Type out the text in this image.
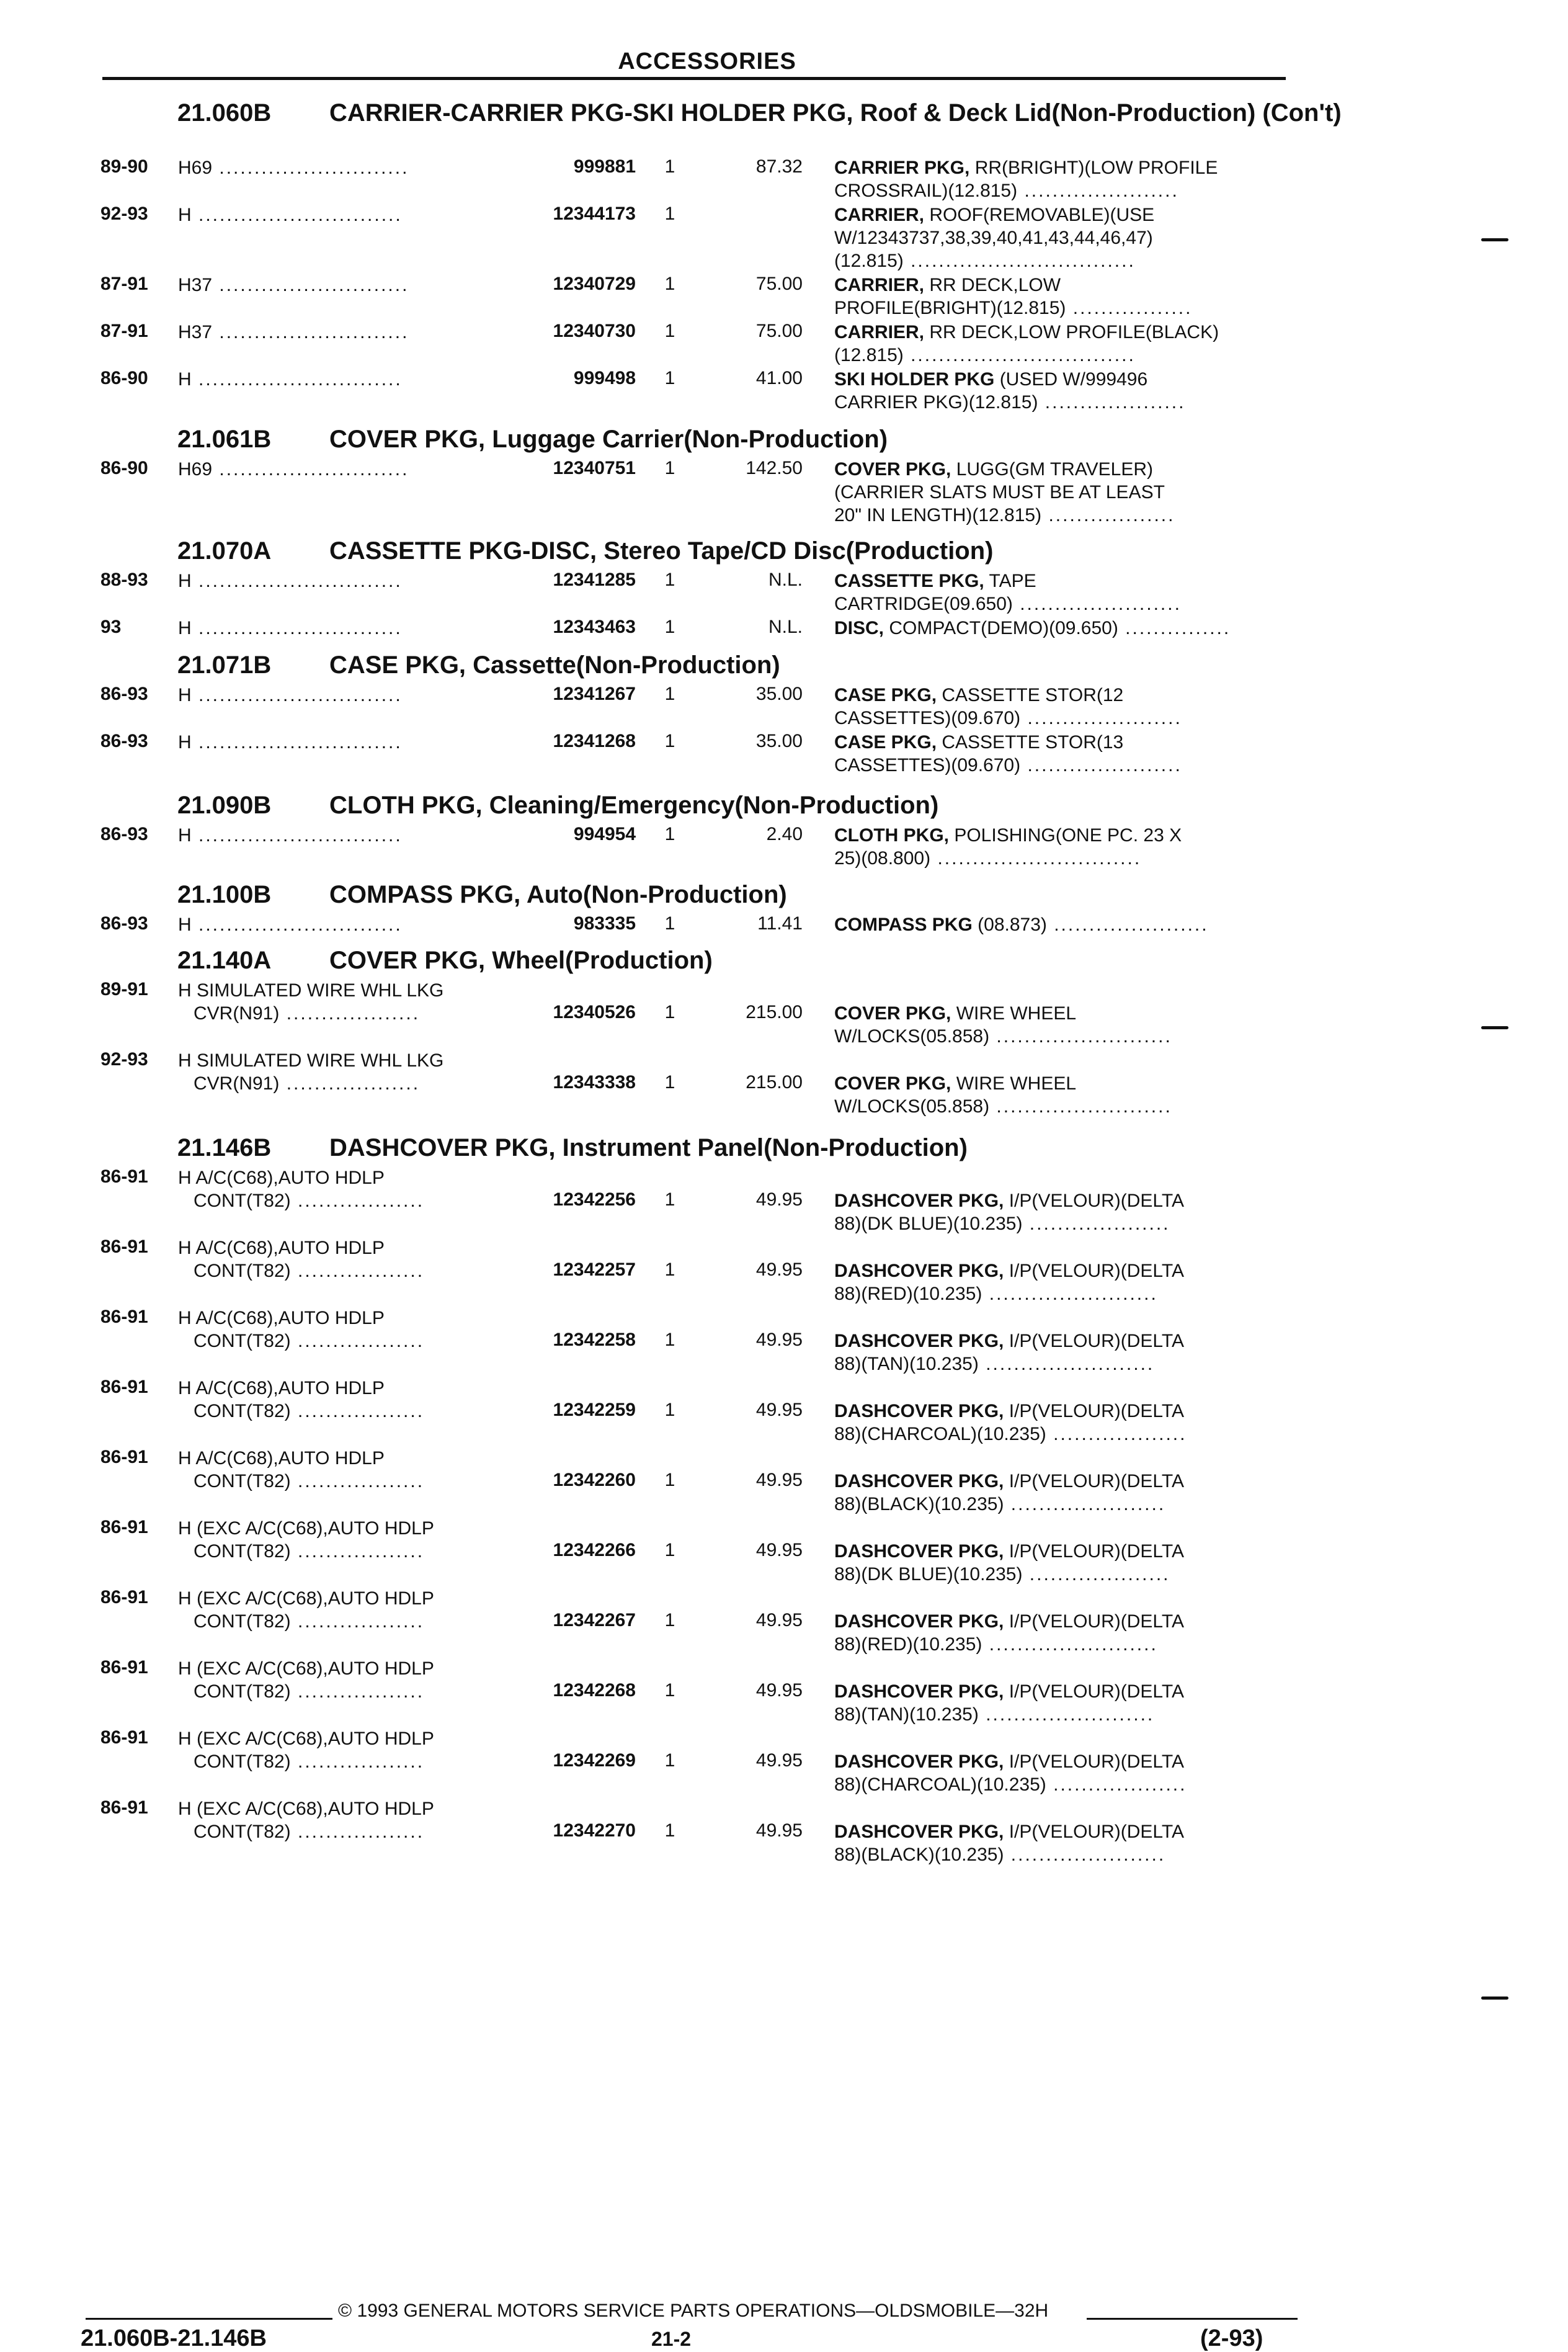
ACCESSORIES
21.060B CARRIER-CARRIER PKG-SKI HOLDER PKG, Roof & Deck Lid(Non-Production) (Con't)
89-90 H69 ...........................	999881	1	87.32 CARRIER PKG, RR(BRIGHT)(LOW PROFILE
CROSSRAIL)(12.815) ......................
92-93 H .............................	12344173	1	CARRIER, ROOF(REMOVABLE)(USE
W/12343737,38,39,40,41,43,44,46,47)
(12.815) ................................
87-91 H37 ...........................	12340729	1	75.00 CARRIER, RR DECK,LOW
PROFILE(BRIGHT)(12.815) .................
87-91 H37 ...........................	12340730	1	75.00 CARRIER, RR DECK,LOW PROFILE(BLACK)
(12.815) ................................
86-90 H .............................	999498	1	41.00 SKI HOLDER PKG (USED W/999496
CARRIER PKG)(12.815) ....................
21.061B COVER PKG, Luggage Carrier(Non-Production)
86-90 H69 ...........................	12340751	1	142.50 COVER PKG, LUGG(GM TRAVELER)
(CARRIER SLATS MUST BE AT LEAST
20" IN LENGTH)(12.815) ..................
21.070A CASSETTE PKG-DISC, Stereo Tape/CD Disc(Production)
88-93 H .............................	12341285	1	N.L. CASSETTE PKG, TAPE
CARTRIDGE(09.650) .......................
93	H .............................	12343463	1	N.L. DISC, COMPACT(DEMO)(09.650) ...............
21.071B CASE PKG, Cassette(Non-Production)
86-93 H .............................	12341267	1	35.00 CASE PKG, CASSETTE STOR(12
CASSETTES)(09.670) ......................
86-93 H .............................	12341268	1	35.00 CASE PKG, CASSETTE STOR(13
CASSETTES)(09.670) ......................
21.090B CLOTH PKG, Cleaning/Emergency(Non-Production)
86-93 H .............................	994954	1	2.40 CLOTH PKG, POLISHING(ONE PC. 23 X
25)(08.800) .............................
21.100B COMPASS PKG, Auto(Non-Production)
86-93 H .............................	983335	1	11.41 COMPASS PKG (08.873) ......................
21.140A COVER PKG, Wheel(Production)
89-91 H SIMULATED WIRE WHL LKG
CVR(N91) ...................	12340526	1	215.00 COVER PKG, WIRE WHEEL
W/LOCKS(05.858) .........................
92-93 H SIMULATED WIRE WHL LKG
CVR(N91) ...................	12343338	1	215.00 COVER PKG, WIRE WHEEL
W/LOCKS(05.858) .........................
21.146B DASHCOVER PKG, Instrument Panel(Non-Production)
86-91 H A/C(C68),AUTO HDLP
CONT(T82) ..................	12342256	1	49.95 DASHCOVER PKG, I/P(VELOUR)(DELTA
88)(DK BLUE)(10.235) ....................
86-91 H A/C(C68),AUTO HDLP
CONT(T82) ..................	12342257	1	49.95 DASHCOVER PKG, I/P(VELOUR)(DELTA
88)(RED)(10.235) ........................
86-91 H A/C(C68),AUTO HDLP
CONT(T82) ..................	12342258	1	49.95 DASHCOVER PKG, I/P(VELOUR)(DELTA
88)(TAN)(10.235) ........................
86-91 H A/C(C68),AUTO HDLP
CONT(T82) ..................	12342259	1	49.95 DASHCOVER PKG, I/P(VELOUR)(DELTA
88)(CHARCOAL)(10.235) ...................
86-91 H A/C(C68),AUTO HDLP
CONT(T82) ..................	12342260	1	49.95 DASHCOVER PKG, I/P(VELOUR)(DELTA
88)(BLACK)(10.235) ......................
86-91 H (EXC A/C(C68),AUTO HDLP
CONT(T82) ..................	12342266	1	49.95 DASHCOVER PKG, I/P(VELOUR)(DELTA
88)(DK BLUE)(10.235) ....................
86-91 H (EXC A/C(C68),AUTO HDLP
CONT(T82) ..................	12342267	1	49.95 DASHCOVER PKG, I/P(VELOUR)(DELTA
88)(RED)(10.235) ........................
86-91 H (EXC A/C(C68),AUTO HDLP
CONT(T82) ..................	12342268	1	49.95 DASHCOVER PKG, I/P(VELOUR)(DELTA
88)(TAN)(10.235) ........................
86-91 H (EXC A/C(C68),AUTO HDLP
CONT(T82) ..................	12342269	1	49.95 DASHCOVER PKG, I/P(VELOUR)(DELTA
88)(CHARCOAL)(10.235) ...................
86-91 H (EXC A/C(C68),AUTO HDLP
CONT(T82) ..................	12342270	1	49.95 DASHCOVER PKG, I/P(VELOUR)(DELTA
88)(BLACK)(10.235) ......................
© 1993 GENERAL MOTORS SERVICE PARTS OPERATIONS—OLDSMOBILE—32H
21.060B-21.146B	21-2	(2-93)
